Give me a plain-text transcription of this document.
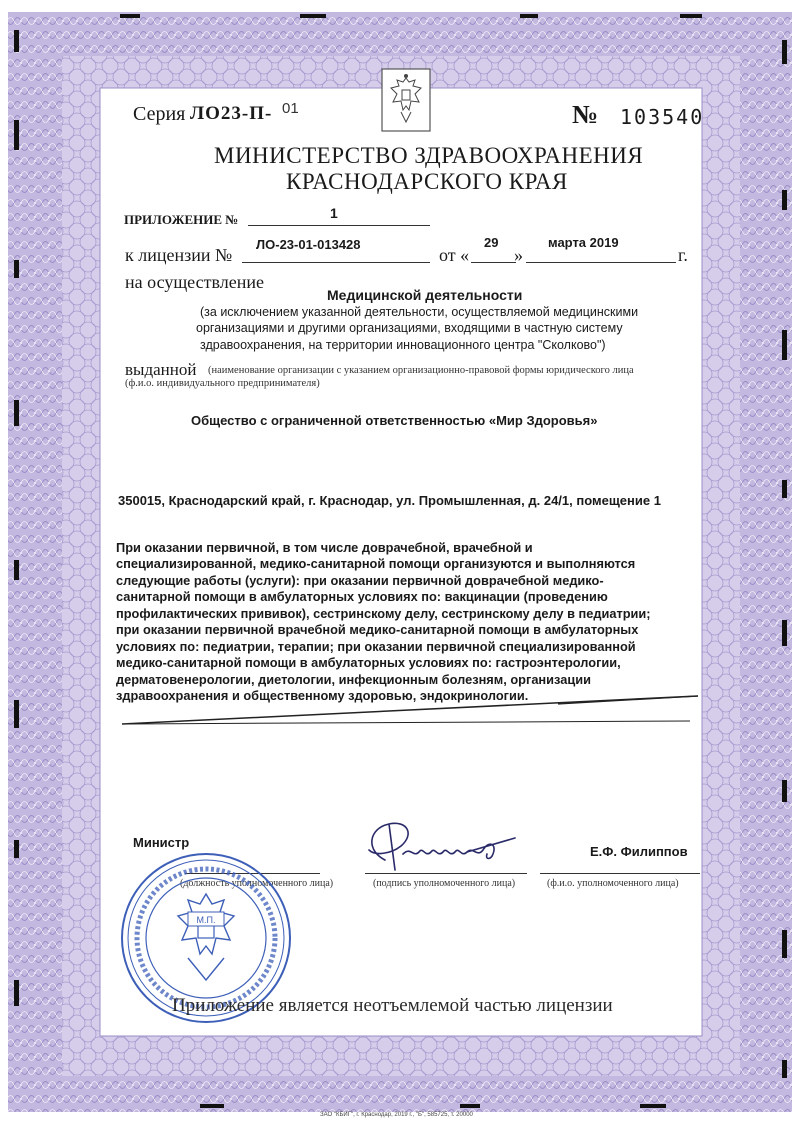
Серия ЛО23-П- 01	№ 103540
МИНИСТЕРСТВО ЗДРАВООХРАНЕНИЯ
КРАСНОДАРСКОГО КРАЯ
ПРИЛОЖЕНИЕ №	1
к лицензии №
ЛО-23-01-013428
от «
29
»
марта 2019
г.
на осуществление
Медицинской деятельности
(за исключением указанной деятельности, осуществляемой медицинскими
организациями и другими организациями, входящими в частную систему
здравоохранения, на территории инновационного центра "Сколково")
выданной (наименование организации с указанием организационно-правовой формы юридического лица
(ф.и.о. индивидуального предпринимателя)
Общество с ограниченной ответственностью «Мир Здоровья»
350015, Краснодарский край, г. Краснодар, ул. Промышленная, д. 24/1, помещение 1
При оказании первичной, в том числе доврачебной, врачебной и
специализированной, медико-санитарной помощи организуются и выполняются
следующие работы (услуги): при оказании первичной доврачебной медико-
санитарной помощи в амбулаторных условиях по: вакцинации (проведению
профилактических прививок), сестринскому делу, сестринскому делу в педиатрии;
при оказании первичной врачебной медико-санитарной помощи в амбулаторных
условиях по: педиатрии, терапии; при оказании первичной специализированной
медико-санитарной помощи в амбулаторных условиях по: гастроэнтерологии,
дерматовенерологии, диетологии, инфекционным болезням, организации
здравоохранения и общественному здоровью, эндокринологии.
Министр
Е.Ф. Филиппов
(должность уполномоченного лица)	(подпись уполномоченного лица)	(ф.и.о. уполномоченного лица)
М.П.
Приложение является неотъемлемой частью лицензии
ЗАО "КБИГ", г. Краснодар, 2019 г., "Б", 585725, т. 20000
